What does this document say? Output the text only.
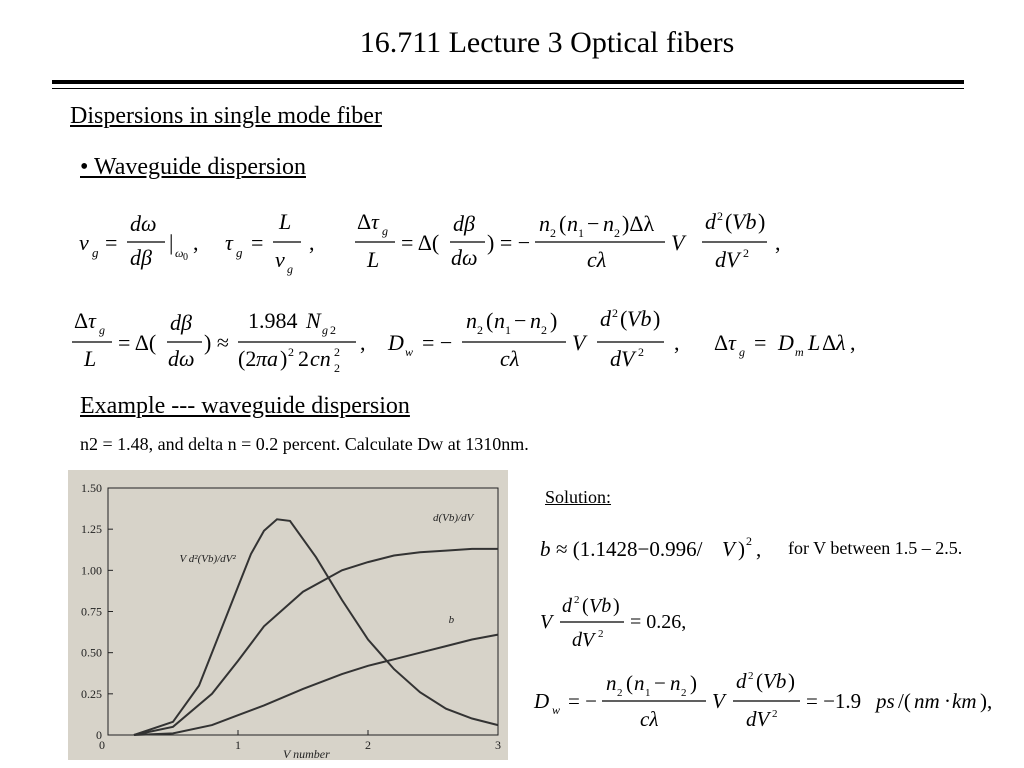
16.711 Lecture 3 Optical fibers
Dispersions in single mode fiber
• Waveguide dispersion
v g =
dω
dβ
| ω 0
, τ g =
L
v g
,
Δ τ g
L
= Δ(
dβ
dω
) = −
n 2 ( n 1 − n 2 )Δλ
cλ
V
d 2 ( Vb )
dV 2 ,
Δ τ g
L
= Δ(
dβ
dω
) ≈
1.984 N g 2
(2 πa ) 2 2 cn 2
2
, D w = −
n 2 ( n 1 − n 2 )
cλ
V
d 2 ( Vb )
dV 2 , Δ τ g = D m L Δ λ ,
Example --- waveguide dispersion
n2 = 1.48, and delta n = 0.2 percent. Calculate Dw at 1310nm.
0
0.25
0.50
0.75
1.00
1.25
1.50
0	1	2	3
V number
b
d(Vb)/dV
V d²(Vb)/dV²
Solution:
b ≈ (1.1428−0.996/ V ) 2 , for V between 1.5 – 2.5.
V
d 2 ( Vb )
dV 2
= 0.26,
D w = −
n 2 ( n 1 − n 2 )
cλ
V
d 2 ( Vb )
dV 2
= −1.9 ps /( nm · km ),
